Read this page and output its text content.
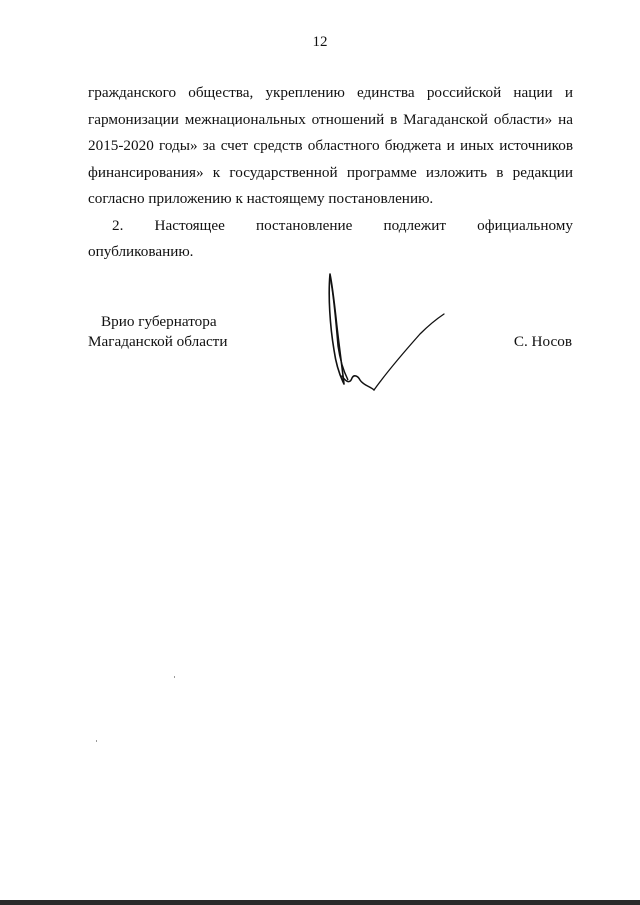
12
гражданского общества, укреплению единства российской нации и
гармонизации межнациональных отношений в Магаданской области» на
2015-2020 годы» за счет средств областного бюджета и иных источников
финансирования» к государственной программе изложить в редакции
согласно приложению к настоящему постановлению.
2. Настоящее постановление подлежит официальному
опубликованию.
Врио губернатора
Магаданской области	С. Носов
